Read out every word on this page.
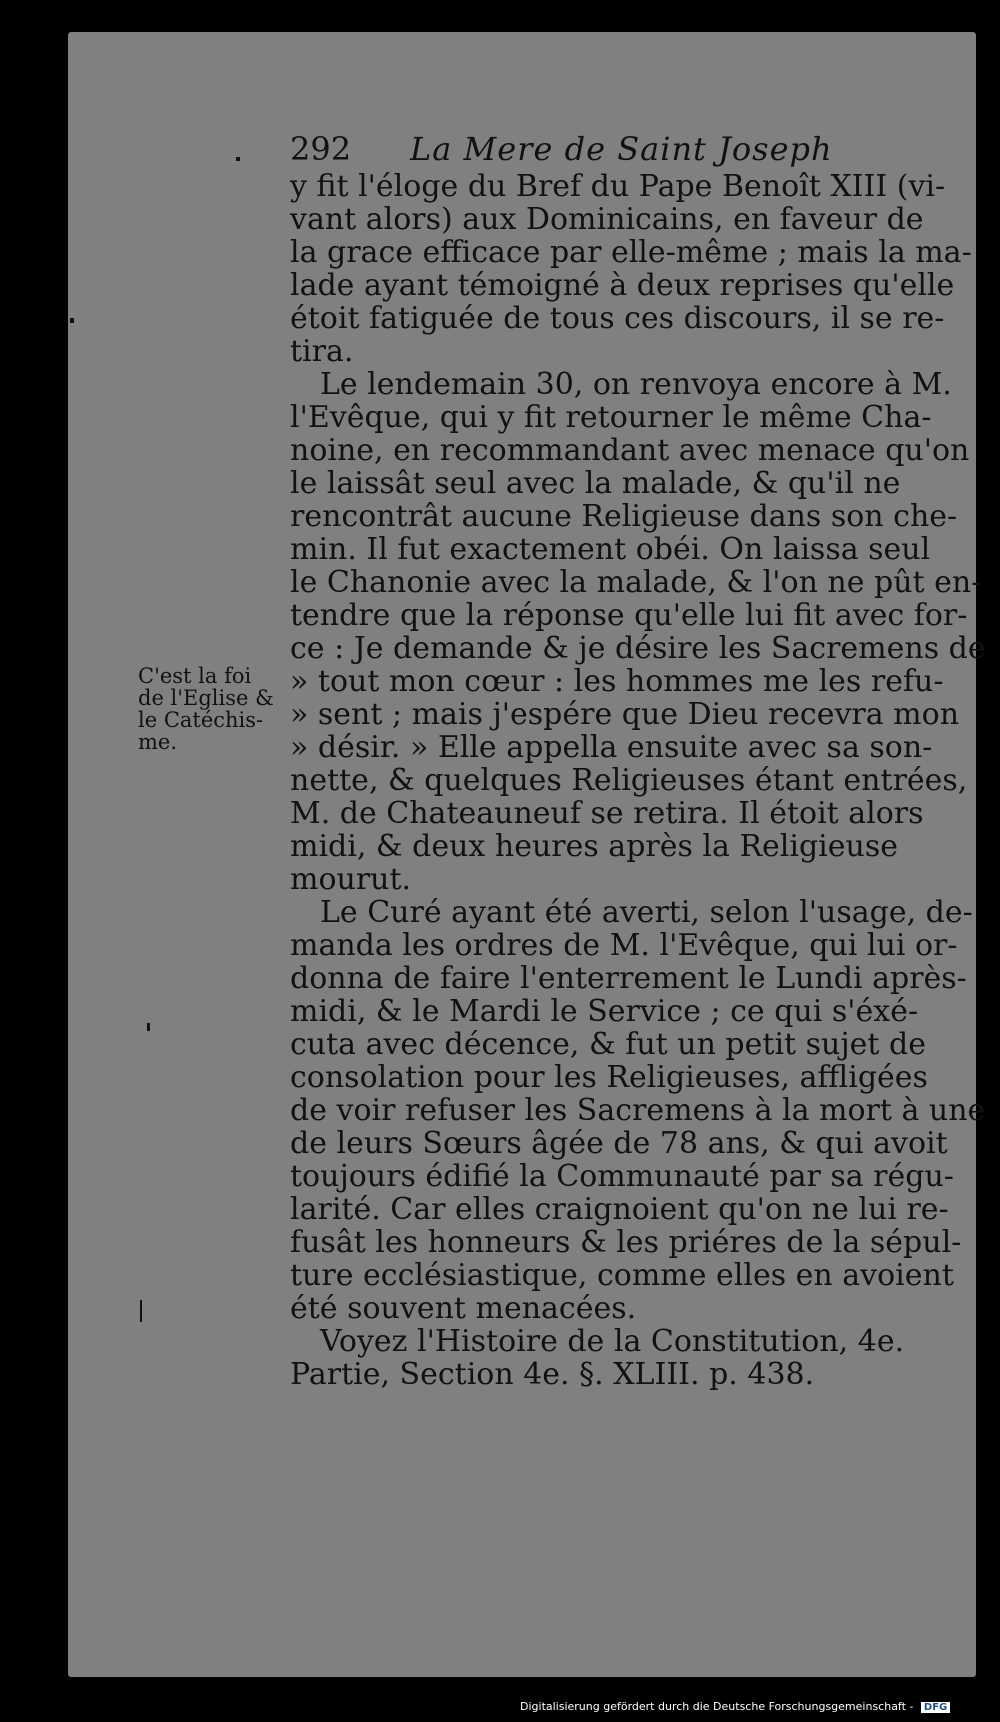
292	La Mere de Saint Joseph
y fit l'éloge du Bref du Pape Benoît XIII (vi-
vant alors) aux Dominicains, en faveur de
la grace efficace par elle-même ; mais la ma-
lade ayant témoigné à deux reprises qu'elle
étoit fatiguée de tous ces discours, il se re-
tira.
Le lendemain 30, on renvoya encore à M.
l'Evêque, qui y fit retourner le même Cha-
noine, en recommandant avec menace qu'on
le laissât seul avec la malade, & qu'il ne
rencontrât aucune Religieuse dans son che-
min. Il fut exactement obéi. On laissa seul
le Chanonie avec la malade, & l'on ne pût en-
tendre que la réponse qu'elle lui fit avec for-
ce : Je demande & je désire les Sacremens de
» tout mon cœur : les hommes me les refu-
» sent ; mais j'espére que Dieu recevra mon
» désir. » Elle appella ensuite avec sa son-
nette, & quelques Religieuses étant entrées,
M. de Chateauneuf se retira. Il étoit alors
midi, & deux heures après la Religieuse
mourut.
Le Curé ayant été averti, selon l'usage, de-
manda les ordres de M. l'Evêque, qui lui or-
donna de faire l'enterrement le Lundi après-
midi, & le Mardi le Service ; ce qui s'éxé-
cuta avec décence, & fut un petit sujet de
consolation pour les Religieuses, affligées
de voir refuser les Sacremens à la mort à une
de leurs Sœurs âgée de 78 ans, & qui avoit
toujours édifié la Communauté par sa régu-
larité. Car elles craignoient qu'on ne lui re-
fusât les honneurs & les priéres de la sépul-
ture ecclésiastique, comme elles en avoient
été souvent menacées.
Voyez l'Histoire de la Constitution, 4e.
Partie, Section 4e. §. XLIII. p. 438.
C'est la foi
de l'Eglise &
le Catéchis-
me.
Digitalisierung gefördert durch die Deutsche Forschungsgemeinschaft - DFG
